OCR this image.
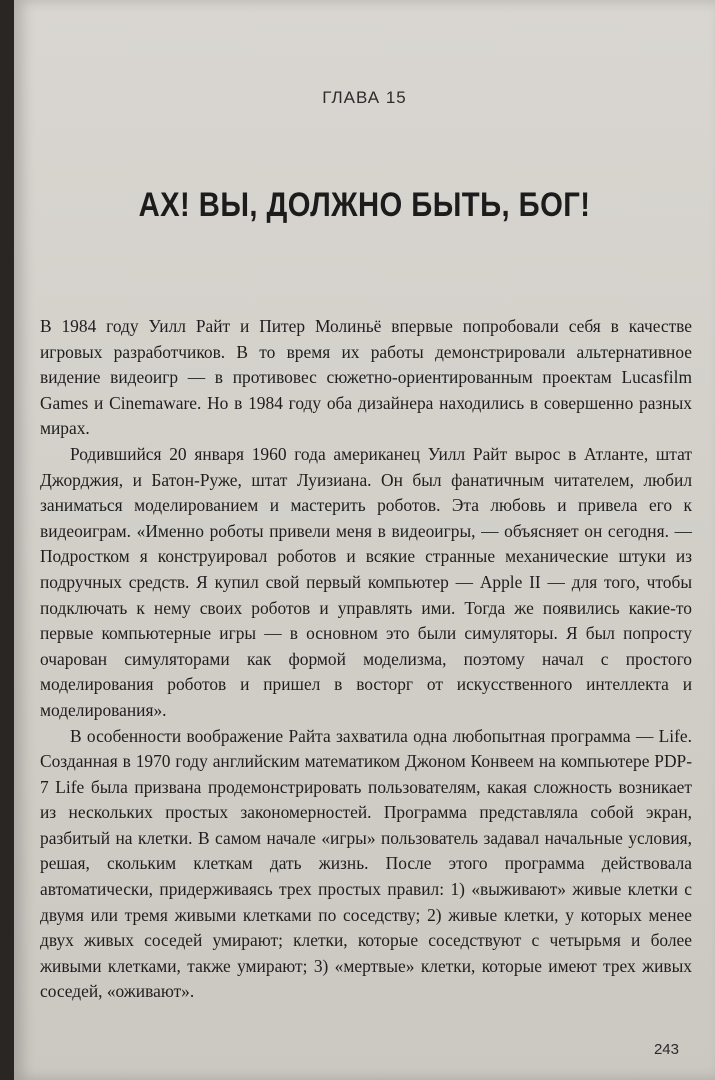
ГЛАВА 15
АХ! ВЫ, ДОЛЖНО БЫТЬ, БОГ!

В 1984 году Уилл Райт и Питер Молиньё впервые попробовали себя в качестве игровых разработчиков. В то время их работы демонстрировали альтернативное видение видеоигр — в противовес сюжетно-ориентированным проектам Lucasfilm Games и Cinemaware. Но в 1984 году оба дизайнера находились в совершенно разных мирах.

Родившийся 20 января 1960 года американец Уилл Райт вырос в Атланте, штат Джорджия, и Батон-Руже, штат Луизиана. Он был фанатичным читателем, любил заниматься моделированием и мастерить роботов. Эта любовь и привела его к видеоиграм. «Именно роботы привели меня в видеоигры, — объясняет он сегодня. — Подростком я конструировал роботов и всякие странные механические штуки из подручных средств. Я купил свой первый компьютер — Apple II — для того, чтобы подключать к нему своих роботов и управлять ими. Тогда же появились какие-то первые компьютерные игры — в основном это были симуляторы. Я был попросту очарован симуляторами как формой моделизма, поэтому начал с простого моделирования роботов и пришел в восторг от искусственного интеллекта и моделирования».

В особенности воображение Райта захватила одна любопытная программа — Life. Созданная в 1970 году английским математиком Джоном Конвеем на компьютере PDP-7 Life была призвана продемонстрировать пользователям, какая сложность возникает из нескольких простых закономерностей. Программа представляла собой экран, разбитый на клетки. В самом начале «игры» пользователь задавал начальные условия, решая, скольким клеткам дать жизнь. После этого программа действовала автоматически, придерживаясь трех простых правил: 1) «выживают» живые клетки с двумя или тремя живыми клетками по соседству; 2) живые клетки, у которых менее двух живых соседей умирают; клетки, которые соседствуют с четырьмя и более живыми клетками, также умирают; 3) «мертвые» клетки, которые имеют трех живых соседей, «оживают».

243
